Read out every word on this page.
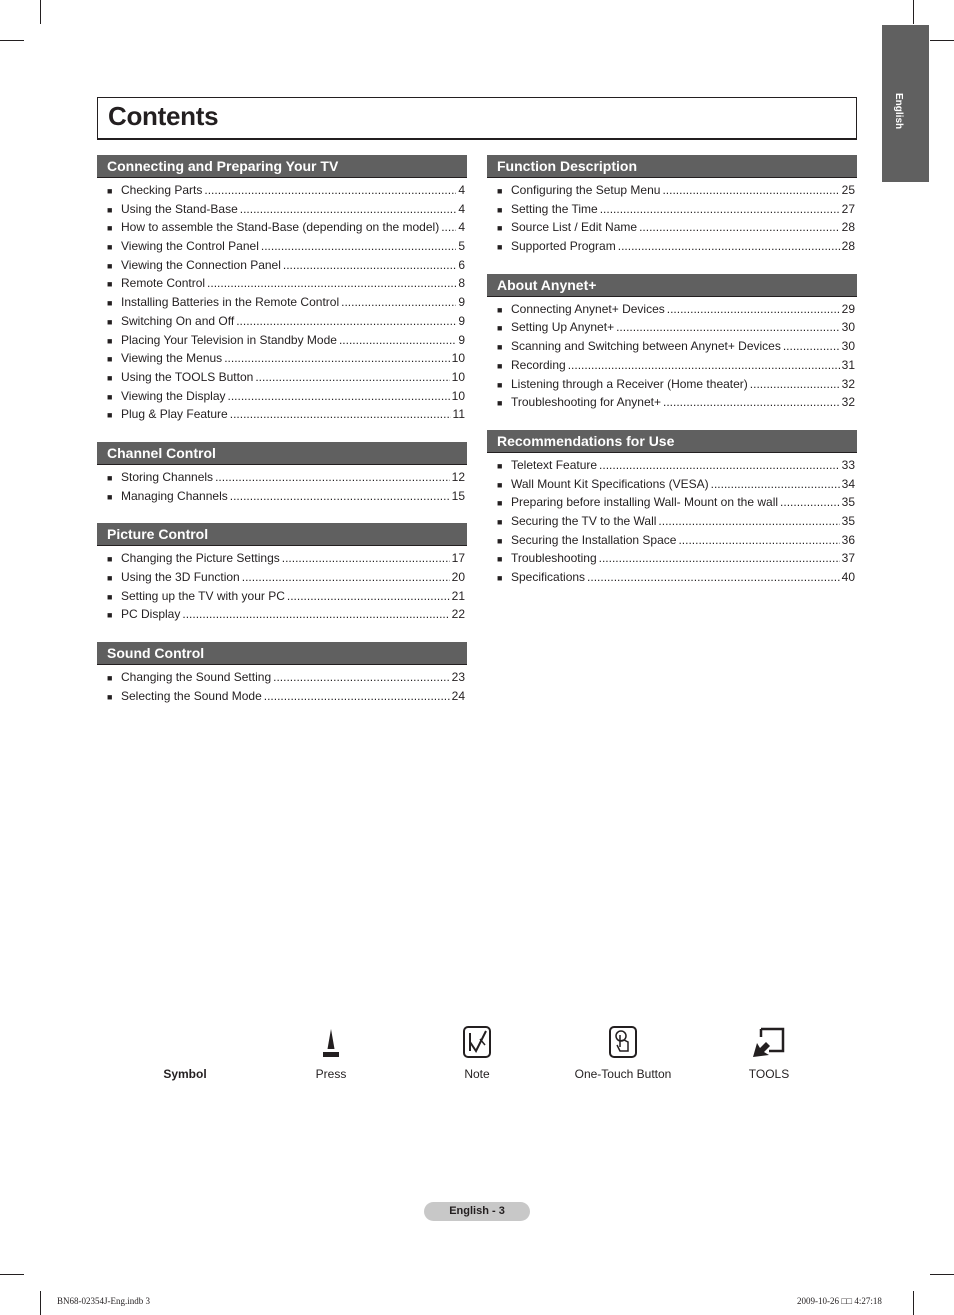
English
Contents
Connecting and Preparing Your TV
■ Checking Parts .....	4
■ Using the Stand-Base .....	4
■ How to assemble the Stand-Base (depending on the model) ..... 4
■ Viewing the Control Panel .....	5
■ Viewing the Connection Panel .....	6
■ Remote Control .....	8
■ Installing Batteries in the Remote Control .....	9
■ Switching On and Off .....	9
■ Placing Your Television in Standby Mode .....	9
■ Viewing the Menus .....	10
■ Using the TOOLS Button .....	10
■ Viewing the Display .....	10
■ Plug & Play Feature .....	11
Channel Control
■ Storing Channels .....	12
■ Managing Channels .....	15
Picture Control
■ Changing the Picture Settings .....	17
■ Using the 3D Function .....	20
■ Setting up the TV with your PC .....	21
■ PC Display .....	22
Sound Control
■ Changing the Sound Setting .....	23
■ Selecting the Sound Mode .....	24
Function Description
■ Configuring the Setup Menu .....	25
■ Setting the Time .....	27
■ Source List / Edit Name .....	28
■ Supported Program .....	28
About Anynet+
■ Connecting Anynet+ Devices .....	29
■ Setting Up Anynet+ .....	30
■ Scanning and Switching between Anynet+ Devices .....	30
■ Recording .....	31
■ Listening through a Receiver (Home theater) .....	32
■ Troubleshooting for Anynet+ .....	32
Recommendations for Use
■ Teletext Feature .....	33
■ Wall Mount Kit Specifications (VESA) .....	34
■ Preparing before installing Wall- Mount on the wall .....	35
■ Securing the TV to the Wall .....	35
■ Securing the Installation Space .....	36
■ Troubleshooting .....	37
■ Specifications .....	40
Symbol	Press	Note	One-Touch Button	TOOLS
English - 3
BN68-02354J-Eng.indb 3	2009-10-26 □□ 4:27:18
